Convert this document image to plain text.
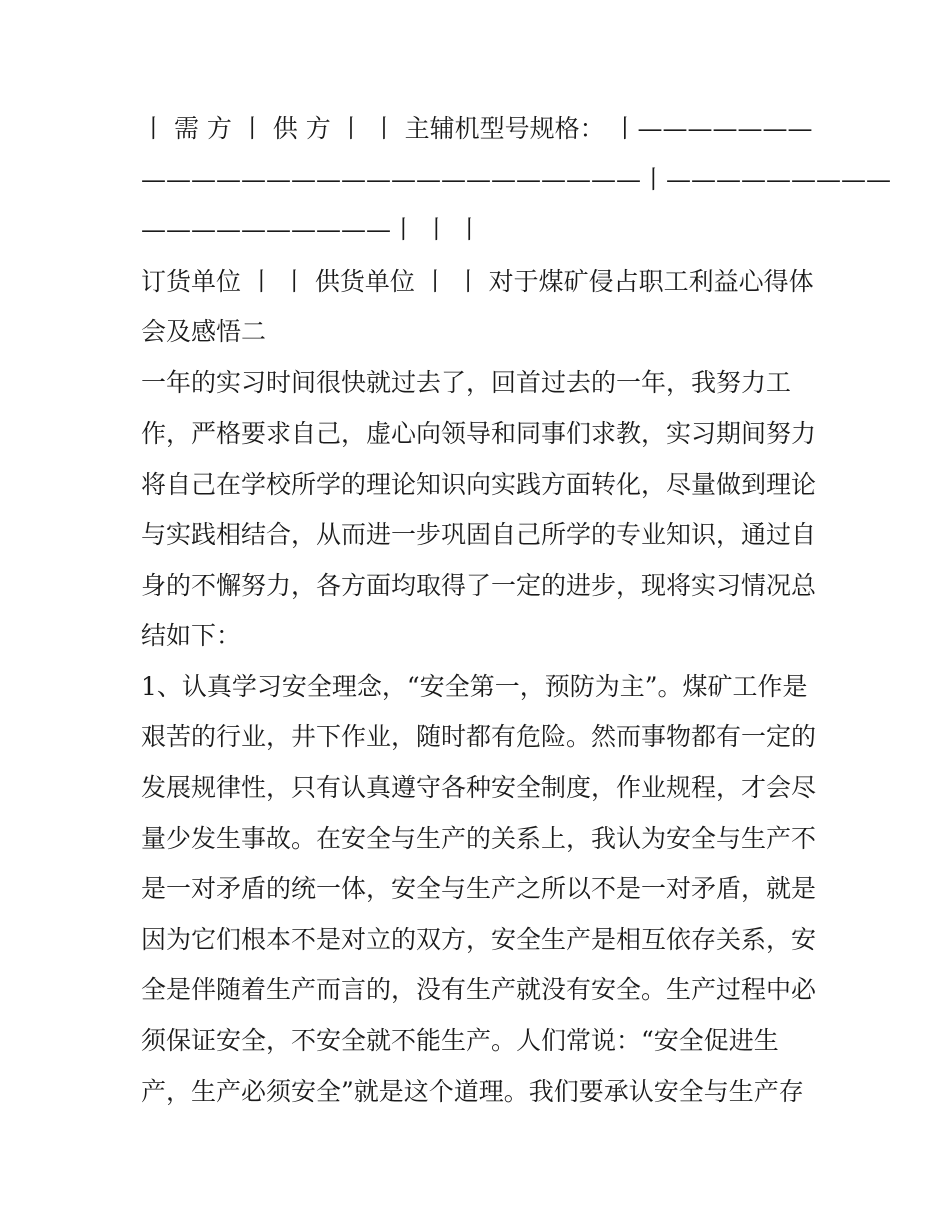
丨 需 方 丨 供 方 丨 丨 主辅机型号规格： 丨———————
————————————————————丨—————————
——————————丨 丨 丨
订货单位 丨 丨 供货单位 丨 丨 对于煤矿侵占职工利益心得体
会及感悟二
一年的实习时间很快就过去了，回首过去的一年，我努力工
作，严格要求自己，虚心向领导和同事们求教，实习期间努力
将自己在学校所学的理论知识向实践方面转化，尽量做到理论
与实践相结合，从而进一步巩固自己所学的专业知识，通过自
身的不懈努力，各方面均取得了一定的进步，现将实习情况总
结如下：
1、认真学习安全理念，“安全第一，预防为主”。煤矿工作是
艰苦的行业，井下作业，随时都有危险。然而事物都有一定的
发展规律性，只有认真遵守各种安全制度，作业规程，才会尽
量少发生事故。在安全与生产的关系上，我认为安全与生产不
是一对矛盾的统一体，安全与生产之所以不是一对矛盾，就是
因为它们根本不是对立的双方，安全生产是相互依存关系，安
全是伴随着生产而言的，没有生产就没有安全。生产过程中必
须保证安全，不安全就不能生产。人们常说：“安全促进生
产，生产必须安全”就是这个道理。我们要承认安全与生产存
